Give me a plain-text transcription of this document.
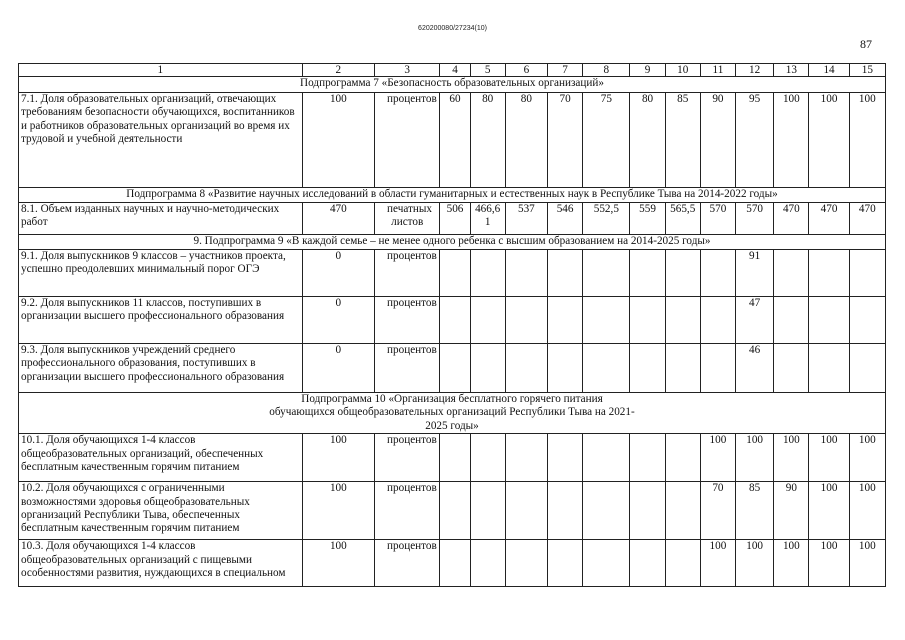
620200080/27234(10)
87
1	2	3	4	5	6	7	8	9	10	11	12	13	14	15
Подпрограмма 7 «Безопасность образовательных организаций»														
7.1. Доля образовательных организаций, отвечающих требованиям безопасности обучающихся, воспитанников и работников образовательных организаций во время их трудовой и учебной деятельности	100	процентов	60	80	80	70	75	80	85	90	95	100	100	100
Подпрограмма 8 «Развитие научных исследований в области гуманитарных и естественных наук в Республике Тыва на 2014-2022 годы»														
8.1. Объем изданных научных и научно-методических работ	470	печатных листов	506	466,6 1	537	546	552,5	559	565,5	570	570	470	470	470
9. Подпрограмма 9 «В каждой семье – не менее одного ребенка с высшим образованием на 2014-2025 годы»														
9.1. Доля выпускников 9 классов – участников проекта, успешно преодолевших минимальный порог ОГЭ	0	процентов									91			
9.2. Доля выпускников 11 классов, поступивших в организации высшего профессионального образования	0	процентов									47			
9.3. Доля выпускников учреждений среднего профессионального образования, поступивших в организации высшего профессионального образования	0	процентов									46			
Подпрограмма 10 «Организация бесплатного горячего питания обучающихся общеобразовательных организаций Республики Тыва на 2021-2025 годы»														
10.1. Доля обучающихся 1-4 классов общеобразовательных организаций, обеспеченных бесплатным качественным горячим питанием	100	процентов								100	100	100	100	100
10.2. Доля обучающихся с ограниченными возможностями здоровья общеобразовательных организаций Республики Тыва, обеспеченных бесплатным качественным горячим питанием	100	процентов								70	85	90	100	100
10.3. Доля обучающихся 1-4 классов общеобразовательных организаций с пищевыми особенностями развития, нуждающихся в специальном	100	процентов								100	100	100	100	100
